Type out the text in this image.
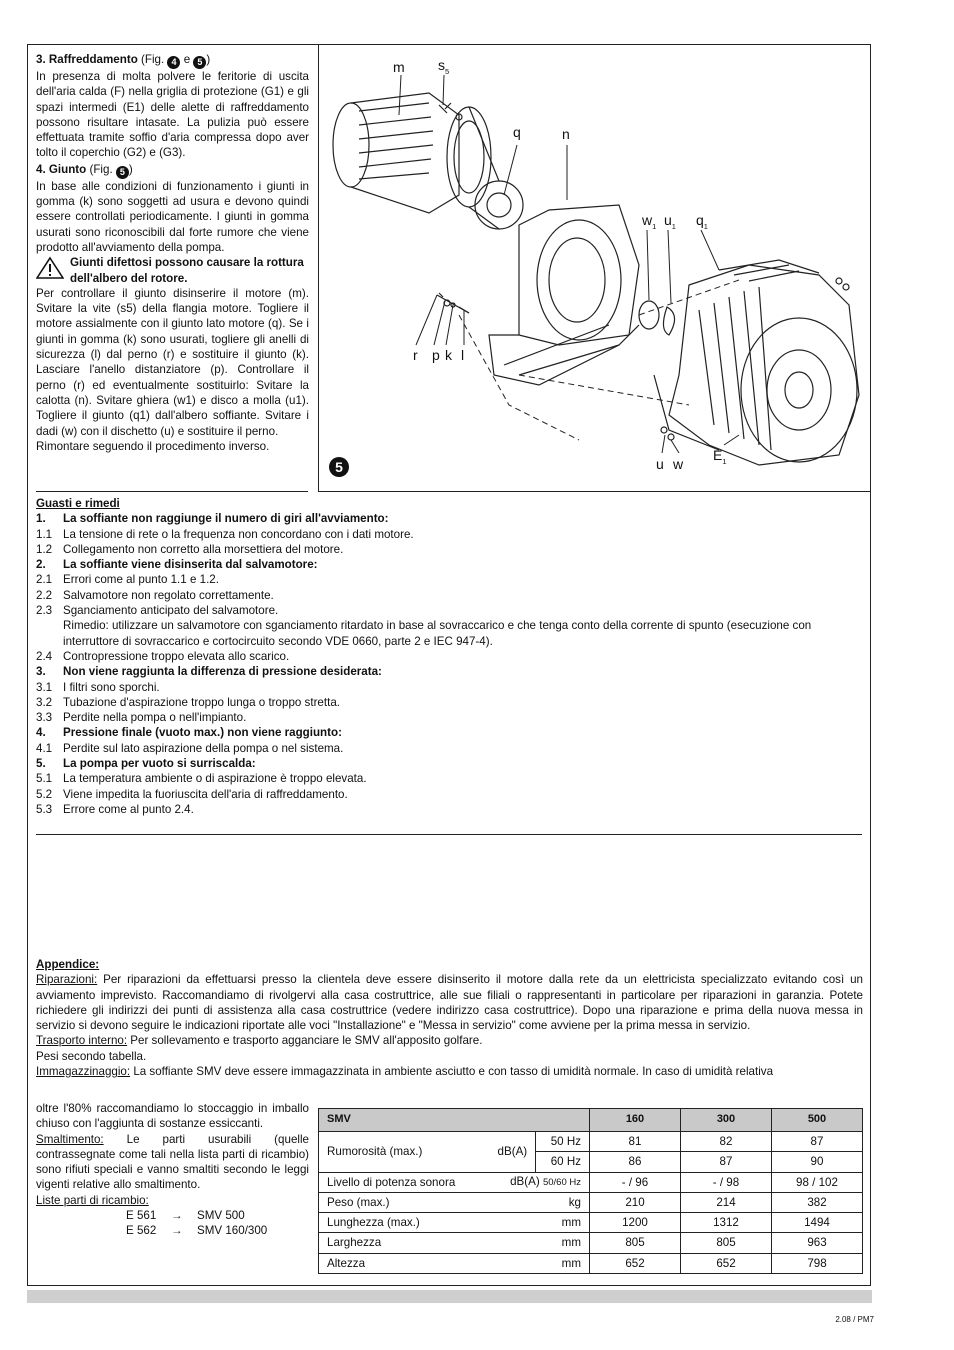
3. Raffreddamento (Fig. 4 e 5 )

In presenza di molta polvere le feritorie di uscita dell'aria calda (F) nella griglia di protezione (G1) e gli spazi intermedi (E1) delle alette di raffreddamento possono risultare intasate. La pulizia può essere effettuata tramite soffio d'aria compressa dopo aver tolto il coperchio (G2) e (G3).

4. Giunto (Fig. 5 )

In base alle condizioni di funzionamento i giunti in gomma (k) sono soggetti ad usura e devono quindi essere controllati periodicamente. I giunti in gomma usurati sono riconoscibili dal forte rumore che viene prodotto all'avviamento della pompa.

Giunti difettosi possono causare la rottura dell'albero del rotore.

Per controllare il giunto disinserire il motore (m). Svitare la vite (s5) della flangia motore. Togliere il motore assialmente con il giunto lato motore (q). Se i giunti in gomma (k) sono usurati, togliere gli anelli di sicurezza (l) dal perno (r) e sostituire il giunto (k). Lasciare l'anello distanziatore (p). Controllare il perno (r) ed eventualmente sostituirlo: Svitare la calotta (n). Svitare ghiera (w1) e disco a molla (u1). Togliere il giunto (q1) dall'albero soffiante. Svitare i dadi (w) con il dischetto (u) e sostituire il perno.

Rimontare seguendo il procedimento inverso.

m $s_5$
q	n
$w_1$ $u_1$ $q_1$
r p k l
u w
$E_1$
5

Guasti e rimedi

1.	La soffiante non raggiunge il numero di giri all'avviamento:
1.1 La tensione di rete o la frequenza non concordano con i dati motore.
1.2 Collegamento non corretto alla morsettiera del motore.
2.	La soffiante viene disinserita dal salvamotore:
2.1 Errori come al punto 1.1 e 1.2.
2.2 Salvamotore non regolato correttamente.
2.3 Sganciamento anticipato del salvamotore.
Rimedio: utilizzare un salvamotore con sganciamento ritardato in base al sovraccarico e che tenga conto della corrente di spunto (esecuzione con interruttore di sovraccarico e cortocircuito secondo VDE 0660, parte 2 e IEC 947-4).
2.4 Contropressione troppo elevata allo scarico.
3.	Non viene raggiunta la differenza di pressione desiderata:
3.1 I filtri sono sporchi.
3.2 Tubazione d'aspirazione troppo lunga o troppo stretta.
3.3 Perdite nella pompa o nell'impianto.
4.	Pressione finale (vuoto max.) non viene raggiunto:
4.1 Perdite sul lato aspirazione della pompa o nel sistema.
5.	La pompa per vuoto si surriscalda:
5.1 La temperatura ambiente o di aspirazione è troppo elevata.
5.2 Viene impedita la fuoriuscita dell'aria di raffreddamento.
5.3 Errore come al punto 2.4.

Appendice:

Riparazioni: Per riparazioni da effettuarsi presso la clientela deve essere disinserito il motore dalla rete da un elettricista specializzato evitando così un avviamento imprevisto. Raccomandiamo di rivolgervi alla casa costruttrice, alle sue filiali o rappresentanti in particolare per riparazioni in garanzia. Potete richiedere gli indirizzi dei punti di assistenza alla casa costruttrice (vedere indirizzo casa costruttrice). Dopo una riparazione e prima della nuova messa in servizio si devono seguire le indicazioni riportate alle voci "Installazione" e "Messa in servizio" come avviene per la prima messa in servizio.

Trasporto interno: Per sollevamento e trasporto agganciare le SMV all'apposito golfare.

Pesi secondo tabella.

Immagazzinaggio: La soffiante SMV deve essere immagazzinata in ambiente asciutto e con tasso di umidità normale. In caso di umidità relativa

oltre l'80% raccomandiamo lo stoccaggio in imballo chiuso con l'aggiunta di sostanze essiccanti.

Smaltimento: Le parti usurabili (quelle contrassegnate come tali nella lista parti di ricambio) sono rifiuti speciali e vanno smaltiti secondo le leggi vigenti relative allo smaltimento.

Liste parti di ricambio:

E 561	→	SMV 500
E 562	→	SMV 160/300
SMV			160	300	500
Rumorosità (max.)	dB(A)	50 Hz	81	82	87
		60 Hz	86	87	90
Livello di potenza sonora	dB(A) 50/60 Hz		- / 96	- / 98	98 / 102
Peso (max.)	kg		210	214	382
Lunghezza (max.)	mm		1200	1312	1494
Larghezza	mm		805	805	963
Altezza	mm		652	652	798
2.08 / PM7
